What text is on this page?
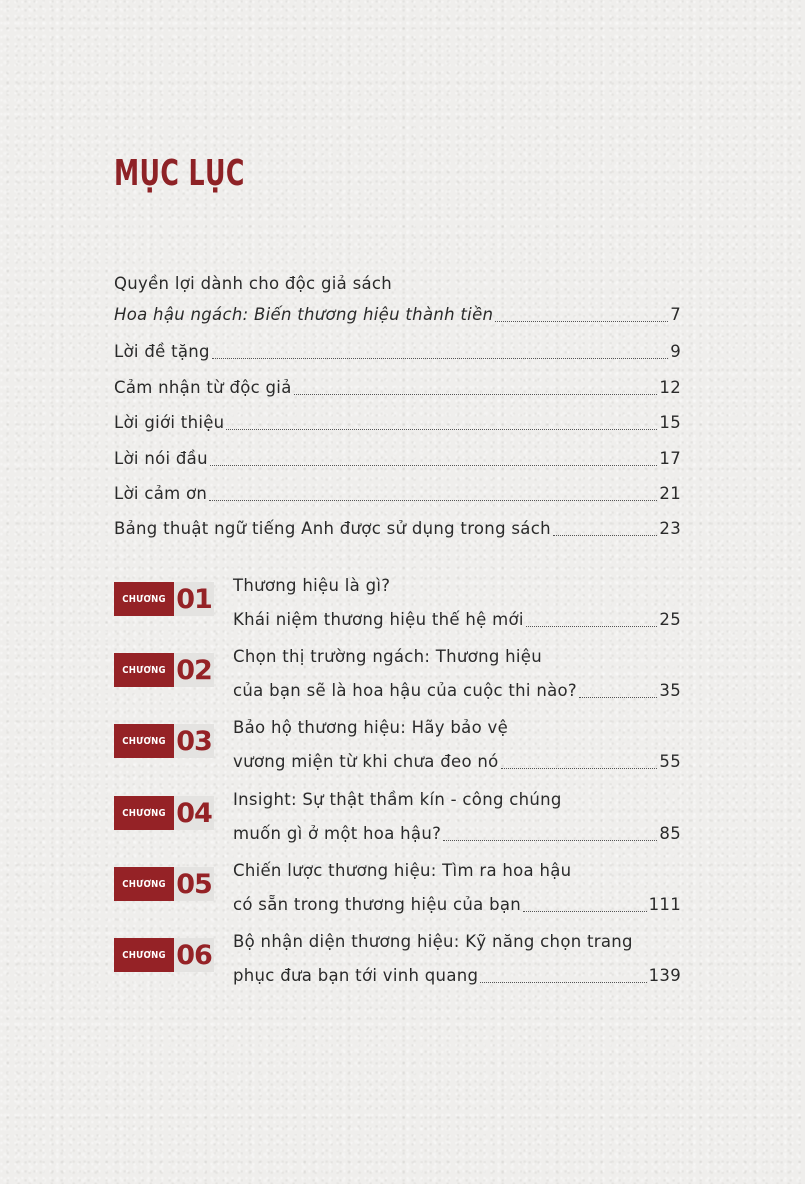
MỤC LỤC
Quyền lợi dành cho độc giả sách
Hoa hậu ngách: Biến thương hiệu thành tiền	7
Lời đề tặng	9
Cảm nhận từ độc giả	12
Lời giới thiệu	15
Lời nói đầu	17
Lời cảm ơn	21
Bảng thuật ngữ tiếng Anh được sử dụng trong sách	23
CHƯƠNG 01 Thương hiệu là gì?
Khái niệm thương hiệu thế hệ mới	25
CHƯƠNG 02 Chọn thị trường ngách: Thương hiệu
của bạn sẽ là hoa hậu của cuộc thi nào?	35
CHƯƠNG 03 Bảo hộ thương hiệu: Hãy bảo vệ
vương miện từ khi chưa đeo nó	55
CHƯƠNG 04 Insight: Sự thật thầm kín - công chúng
muốn gì ở một hoa hậu?	85
CHƯƠNG 05 Chiến lược thương hiệu: Tìm ra hoa hậu
có sẵn trong thương hiệu của bạn	111
CHƯƠNG 06 Bộ nhận diện thương hiệu: Kỹ năng chọn trang
phục đưa bạn tới vinh quang	139
